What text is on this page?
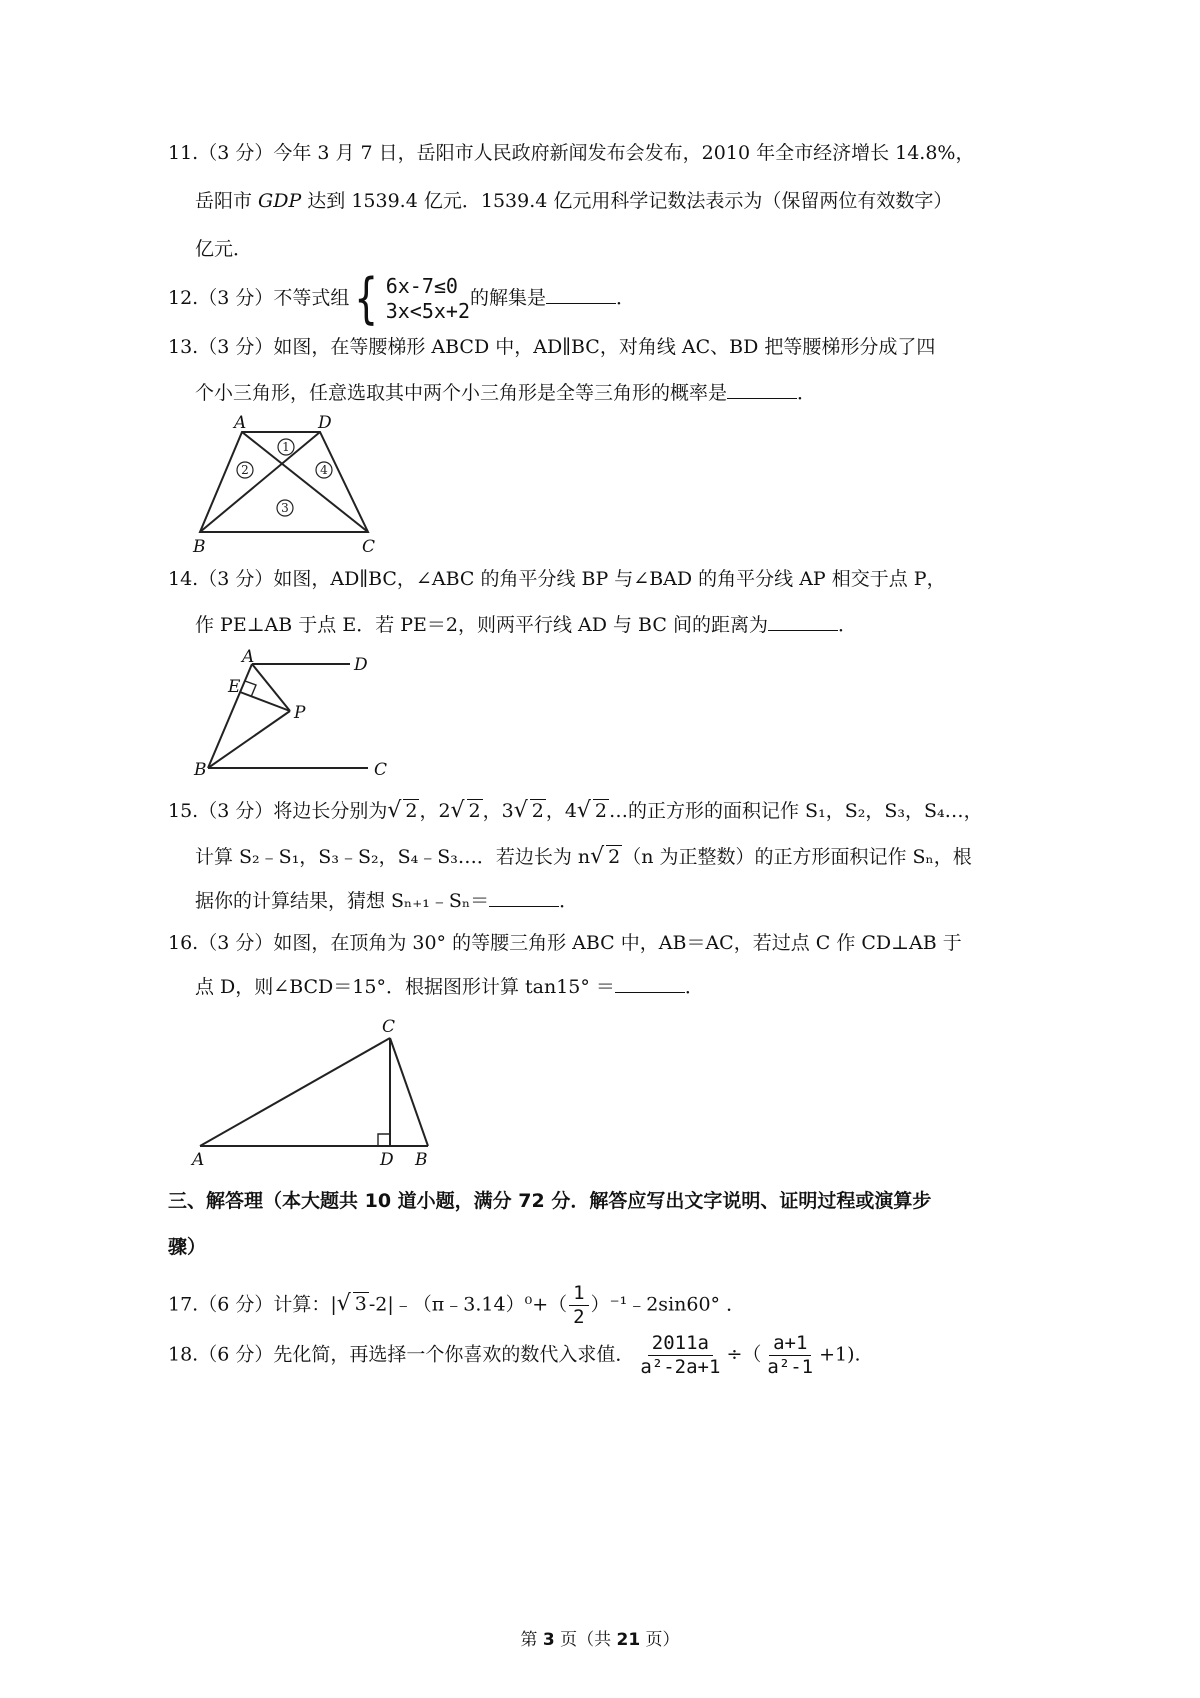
11.（3 分）今年 3 月 7 日，岳阳市人民政府新闻发布会发布，2010 年全市经济增长 14.8%，
岳阳市 GDP 达到 1539.4 亿元．1539.4 亿元用科学记数法表示为（保留两位有效数字）
亿元．
12.（3 分）不等式组 { 6x-7≤0
3x<5x+2
的解集是	．
13.（3 分）如图，在等腰梯形 ABCD 中，AD∥BC，对角线 AC、BD 把等腰梯形分成了四
个小三角形，任意选取其中两个小三角形是全等三角形的概率是	．
1
2
3
4
A	D
B	C
14.（3 分）如图，AD∥BC，∠ABC 的角平分线 BP 与∠BAD 的角平分线 AP 相交于点 P，
作 PE⊥AB 于点 E．若 PE＝2，则两平行线 AD 与 BC 间的距离为	．
A	D
E
P
B	C
15.（3 分）将边长分别为 √ 2 ，2 √ 2 ，3 √ 2 ，4 √ 2 …的正方形的面积记作 S₁，S₂，S₃，S₄…，
计算 S₂﹣S₁，S₃﹣S₂，S₄﹣S₃…．若边长为 n √ 2 （n 为正整数）的正方形面积记作 Sₙ，根
据你的计算结果，猜想 Sₙ₊₁﹣Sₙ＝	．
16.（3 分）如图，在顶角为 30° 的等腰三角形 ABC 中，AB＝AC，若过点 C 作 CD⊥AB 于
点 D，则∠BCD＝15°．根据图形计算 tan15° ＝	．
C
A	D B
三、解答理（本大题共 10 道小题，满分 72 分．解答应写出文字说明、证明过程或演算步
骤）
17.（6 分）计算：| √ 3 -2|﹣（π﹣3.14）⁰+（ $\frac{1}{2}$ ）⁻¹﹣2sin60° ．
18.（6 分）先化简，再选择一个你喜欢的数代入求值． $\frac{2011a}{\text{a²-2a+1}}$ ÷（ $\frac{a+1}{\text{a²-1}} +1$).
第 3 页（共 21 页）
